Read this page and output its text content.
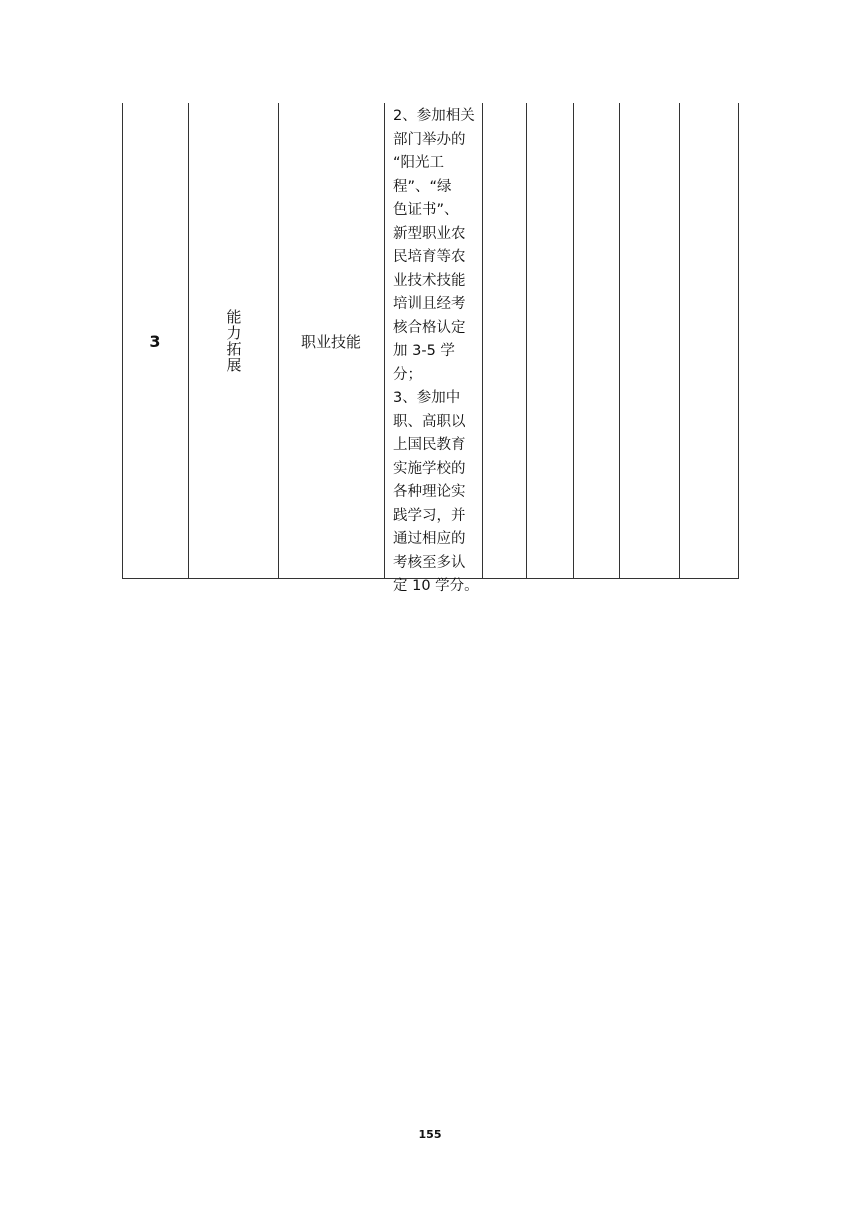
3	能力拓展	职业技能
2、参加相关
部门举办的
“阳光工
程”、“绿
色证书”、
新型职业农
民培育等农
业技术技能
培训且经考
核合格认定
加 3-5 学
分；
3、参加中
职、高职以
上国民教育
实施学校的
各种理论实
践学习，并
通过相应的
考核至多认
定 10 学分。
155
